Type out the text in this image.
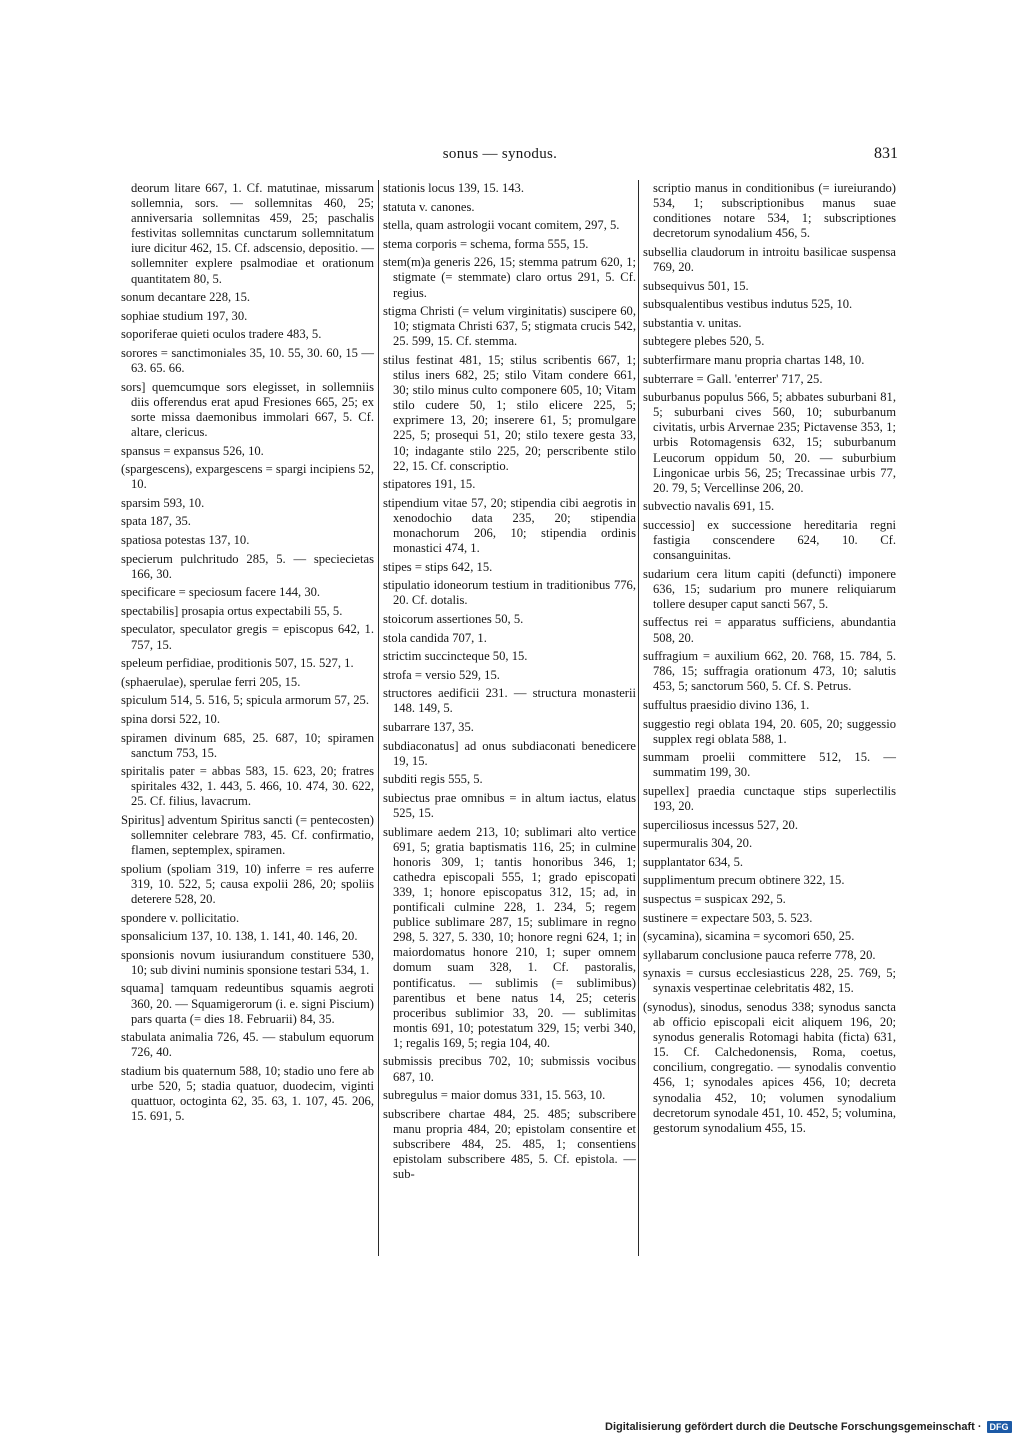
sonus — synodus.	831

deorum litare 667, 1. Cf. matutinae, missarum sollemnia, sors. — sollemnitas 460, 25; anniversaria sollemnitas 459, 25; paschalis festivitas sollemnitas cunctarum sollemnitatum iure dicitur 462, 15. Cf. adscensio, depositio. — sollemniter explere psalmodiae et orationum quantitatem 80, 5.

sonum decantare 228, 15.

sophiae studium 197, 30.

soporiferae quieti oculos tradere 483, 5.

sorores = sanctimoniales 35, 10. 55, 30. 60, 15 — 63. 65. 66.

sors] quemcumque sors elegisset, in sollemniis diis offerendus erat apud Fresiones 665, 25; ex sorte missa daemonibus immolari 667, 5. Cf. altare, clericus.

spansus = expansus 526, 10.

(spargescens), expargescens = spargi incipiens 52, 10.

sparsim 593, 10.

spata 187, 35.

spatiosa potestas 137, 10.

specierum pulchritudo 285, 5. — speciecietas 166, 30.

specificare = speciosum facere 144, 30.

spectabilis] prosapia ortus expectabili 55, 5.

speculator, speculator gregis = episcopus 642, 1. 757, 15.

speleum perfidiae, proditionis 507, 15. 527, 1.

(sphaerulae), sperulae ferri 205, 15.

spiculum 514, 5. 516, 5; spicula armorum 57, 25.

spina dorsi 522, 10.

spiramen divinum 685, 25. 687, 10; spiramen sanctum 753, 15.

spiritalis pater = abbas 583, 15. 623, 20; fratres spiritales 432, 1. 443, 5. 466, 10. 474, 30. 622, 25. Cf. filius, lavacrum.

Spiritus] adventum Spiritus sancti (= pentecosten) sollemniter celebrare 783, 45. Cf. confirmatio, flamen, septemplex, spiramen.

spolium (spoliam 319, 10) inferre = res auferre 319, 10. 522, 5; causa expolii 286, 20; spoliis deterere 528, 20.

spondere v. pollicitatio.

sponsalicium 137, 10. 138, 1. 141, 40. 146, 20.

sponsionis novum iusiurandum constituere 530, 10; sub divini numinis sponsione testari 534, 1.

squama] tamquam redeuntibus squamis aegroti 360, 20. — Squamigerorum (i. e. signi Piscium) pars quarta (= dies 18. Februarii) 84, 35.

stabulata animalia 726, 45. — stabulum equorum 726, 40.

stadium bis quaternum 588, 10; stadio uno fere ab urbe 520, 5; stadia quatuor, duodecim, viginti quattuor, octoginta 62, 35. 63, 1. 107, 45. 206, 15. 691, 5.

stationis locus 139, 15. 143.

statuta v. canones.

stella, quam astrologii vocant comitem, 297, 5.

stema corporis = schema, forma 555, 15.

stem(m)a generis 226, 15; stemma patrum 620, 1; stigmate (= stemmate) claro ortus 291, 5. Cf. regius.

stigma Christi (= velum virginitatis) suscipere 60, 10; stigmata Christi 637, 5; stigmata crucis 542, 25. 599, 15. Cf. stemma.

stilus festinat 481, 15; stilus scribentis 667, 1; stilus iners 682, 25; stilo Vitam condere 661, 30; stilo minus culto componere 605, 10; Vitam stilo cudere 50, 1; stilo elicere 225, 5; exprimere 13, 20; inserere 61, 5; promulgare 225, 5; prosequi 51, 20; stilo texere gesta 33, 10; indagante stilo 225, 20; perscribente stilo 22, 15. Cf. conscriptio.

stipatores 191, 15.

stipendium vitae 57, 20; stipendia cibi aegrotis in xenodochio data 235, 20; stipendia monachorum 206, 10; stipendia ordinis monastici 474, 1.

stipes = stips 642, 15.

stipulatio idoneorum testium in traditionibus 776, 20. Cf. dotalis.

stoicorum assertiones 50, 5.

stola candida 707, 1.

strictim succincteque 50, 15.

strofa = versio 529, 15.

structores aedificii 231. — structura monasterii 148. 149, 5.

subarrare 137, 35.

subdiaconatus] ad onus subdiaconati benedicere 19, 15.

subditi regis 555, 5.

subiectus prae omnibus = in altum iactus, elatus 525, 15.

sublimare aedem 213, 10; sublimari alto vertice 691, 5; gratia baptismatis 116, 25; in culmine honoris 309, 1; tantis honoribus 346, 1; cathedra episcopali 555, 1; grado episcopati 339, 1; honore episcopatus 312, 15; ad, in pontificali culmine 228, 1. 234, 5; regem publice sublimare 287, 15; sublimare in regno 298, 5. 327, 5. 330, 10; honore regni 624, 1; in maiordomatus honore 210, 1; super omnem domum suam 328, 1. Cf. pastoralis, pontificatus. — sublimis (= sublimibus) parentibus et bene natus 14, 25; ceteris proceribus sublimior 33, 20. — sublimitas montis 691, 10; potestatum 329, 15; verbi 340, 1; regalis 169, 5; regia 104, 40.

submissis precibus 702, 10; submissis vocibus 687, 10.

subregulus = maior domus 331, 15. 563, 10.

subscribere chartae 484, 25. 485; subscribere manu propria 484, 20; epistolam consentire et subscribere 484, 25. 485, 1; consentiens epistolam subscribere 485, 5. Cf. epistola. — sub-

scriptio manus in conditionibus (= iureiurando) 534, 1; subscriptionibus manus suae conditiones notare 534, 1; subscriptiones decretorum synodalium 456, 5.

subsellia claudorum in introitu basilicae suspensa 769, 20.

subsequivus 501, 15.

subsqualentibus vestibus indutus 525, 10.

substantia v. unitas.

subtegere plebes 520, 5.

subterfirmare manu propria chartas 148, 10.

subterrare = Gall. 'enterrer' 717, 25.

suburbanus populus 566, 5; abbates suburbani 81, 5; suburbani cives 560, 10; suburbanum civitatis, urbis Arvernae 235; Pictavense 353, 1; urbis Rotomagensis 632, 15; suburbanum Leucorum oppidum 50, 20. — suburbium Lingonicae urbis 56, 25; Trecassinae urbis 77, 20. 79, 5; Vercellinse 206, 20.

subvectio navalis 691, 15.

successio] ex successione hereditaria regni fastigia conscendere 624, 10. Cf. consanguinitas.

sudarium cera litum capiti (defuncti) imponere 636, 15; sudarium pro munere reliquiarum tollere desuper caput sancti 567, 5.

suffectus rei = apparatus sufficiens, abundantia 508, 20.

suffragium = auxilium 662, 20. 768, 15. 784, 5. 786, 15; suffragia orationum 473, 10; salutis 453, 5; sanctorum 560, 5. Cf. S. Petrus.

suffultus praesidio divino 136, 1.

suggestio regi oblata 194, 20. 605, 20; suggessio supplex regi oblata 588, 1.

summam proelii committere 512, 15. — summatim 199, 30.

supellex] praedia cunctaque stips superlectilis 193, 20.

superciliosus incessus 527, 20.

supermuralis 304, 20.

supplantator 634, 5.

supplimentum precum obtinere 322, 15.

suspectus = suspicax 292, 5.

sustinere = expectare 503, 5. 523.

(sycamina), sicamina = sycomori 650, 25.

syllabarum conclusione pauca referre 778, 20.

synaxis = cursus ecclesiasticus 228, 25. 769, 5; synaxis vespertinae celebritatis 482, 15.

(synodus), sinodus, senodus 338; synodus sancta ab officio episcopali eicit aliquem 196, 20; synodus generalis Rotomagi habita (ficta) 631, 15. Cf. Calchedonensis, Roma, coetus, concilium, congregatio. — synodalis conventio 456, 1; synodales apices 456, 10; decreta synodalia 452, 10; volumen synodalium decretorum synodale 451, 10. 452, 5; volumina, gestorum synodalium 455, 15.

Digitalisierung gefördert durch die Deutsche Forschungsgemeinschaft · DFG
